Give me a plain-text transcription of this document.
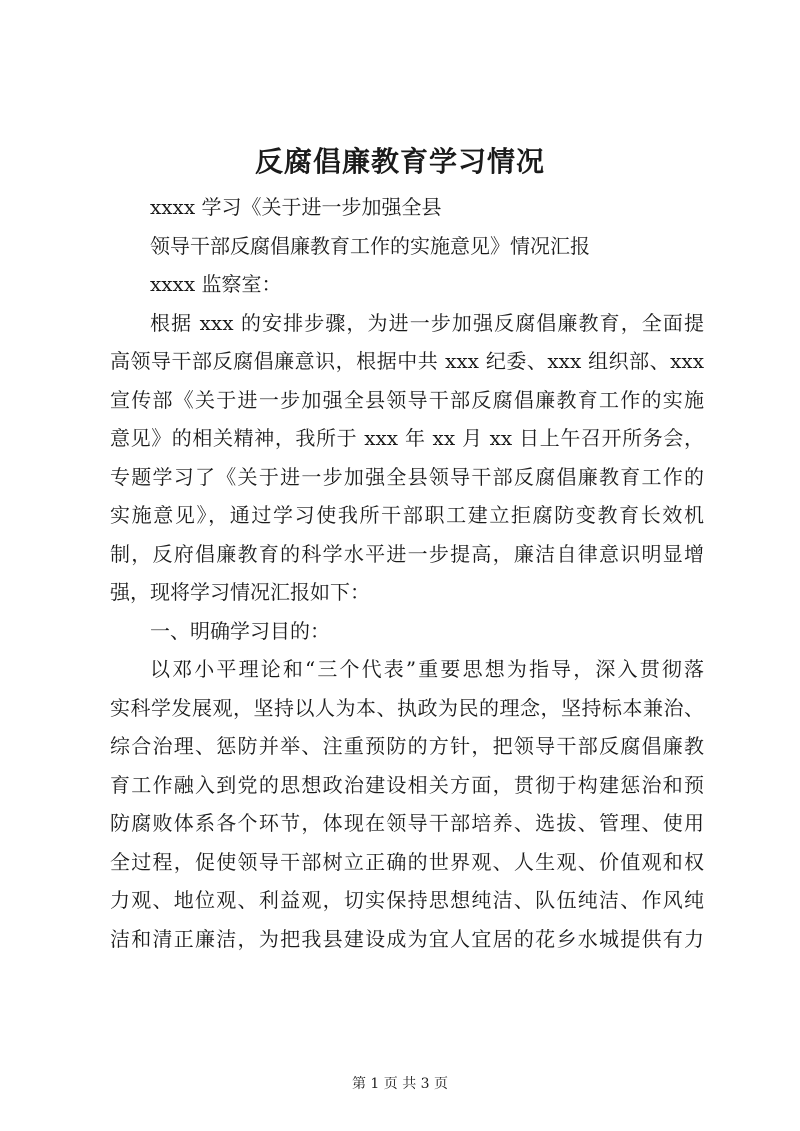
反腐倡廉教育学习情况
xxxx 学习《关于进一步加强全县
领导干部反腐倡廉教育工作的实施意见》情况汇报
xxxx 监察室：
根据 xxx 的安排步骤，为进一步加强反腐倡廉教育，全面提
高领导干部反腐倡廉意识，根据中共 xxx 纪委、xxx 组织部、xxx
宣传部《关于进一步加强全县领导干部反腐倡廉教育工作的实施
意见》的相关精神，我所于 xxx 年 xx 月 xx 日上午召开所务会，
专题学习了《关于进一步加强全县领导干部反腐倡廉教育工作的
实施意见》，通过学习使我所干部职工建立拒腐防变教育长效机
制，反府倡廉教育的科学水平进一步提高，廉洁自律意识明显增
强，现将学习情况汇报如下：
一、明确学习目的：
以邓小平理论和“三个代表”重要思想为指导，深入贯彻落
实科学发展观，坚持以人为本、执政为民的理念，坚持标本兼治、
综合治理、惩防并举、注重预防的方针，把领导干部反腐倡廉教
育工作融入到党的思想政治建设相关方面，贯彻于构建惩治和预
防腐败体系各个环节，体现在领导干部培养、选拔、管理、使用
全过程，促使领导干部树立正确的世界观、人生观、价值观和权
力观、地位观、利益观，切实保持思想纯洁、队伍纯洁、作风纯
洁和清正廉洁，为把我县建设成为宜人宜居的花乡水城提供有力
第 1 页 共 3 页
